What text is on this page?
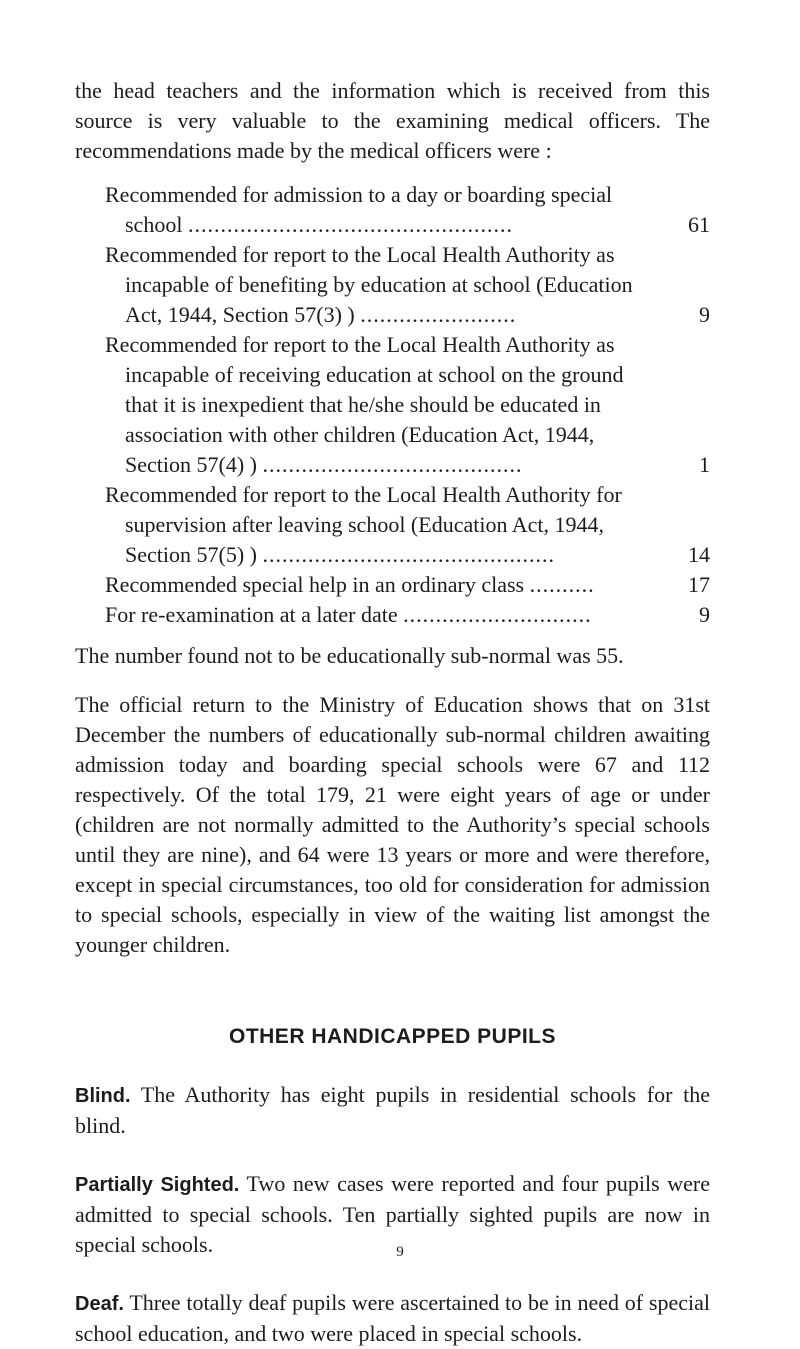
the head teachers and the information which is received from this source is very valuable to the examining medical officers. The recommendations made by the medical officers were :

Recommended for admission to a day or boarding special school ..................................................	61
Recommended for report to the Local Health Authority as incapable of benefiting by education at school (Education Act, 1944, Section 57(3) ) ........................	9
Recommended for report to the Local Health Authority as incapable of receiving education at school on the ground that it is inexpedient that he/she should be educated in association with other children (Education Act, 1944, Section 57(4) ) ........................................	1
Recommended for report to the Local Health Authority for supervision after leaving school (Education Act, 1944, Section 57(5) ) .............................................	14
Recommended special help in an ordinary class ..........	17
For re-examination at a later date .............................	9

The number found not to be educationally sub-normal was 55.

The official return to the Ministry of Education shows that on 31st December the numbers of educationally sub-normal children awaiting admission today and boarding special schools were 67 and 112 respectively. Of the total 179, 21 were eight years of age or under (children are not normally admitted to the Authority’s special schools until they are nine), and 64 were 13 years or more and were therefore, except in special circumstances, too old for consideration for admission to special schools, especially in view of the waiting list amongst the younger children.

OTHER HANDICAPPED PUPILS

Blind. The Authority has eight pupils in residential schools for the blind.

Partially Sighted. Two new cases were reported and four pupils were admitted to special schools. Ten partially sighted pupils are now in special schools.

Deaf. Three totally deaf pupils were ascertained to be in need of special school education, and two were placed in special schools.

9
